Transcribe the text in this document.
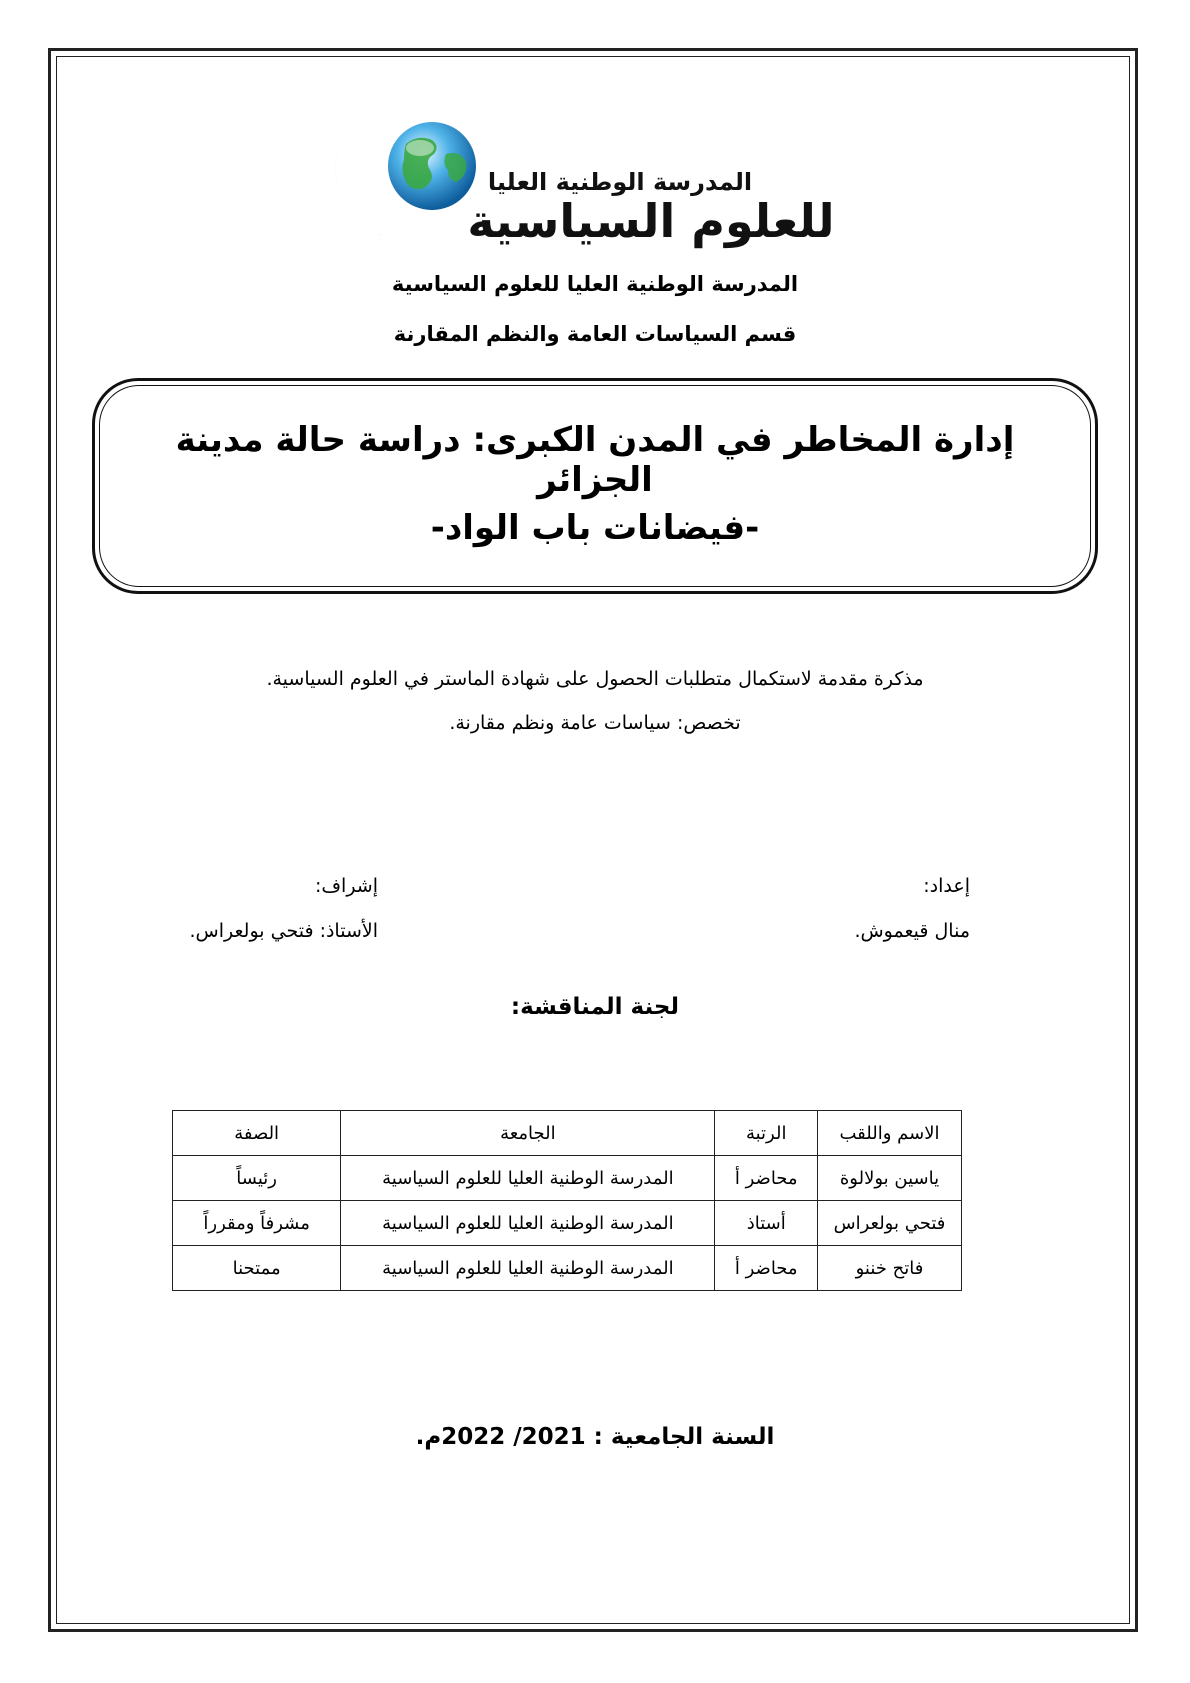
المدرسة الوطنية العليا
للعلوم السياسية
المدرسة الوطنية العليا للعلوم السياسية
قسم السياسات العامة والنظم المقارنة
إدارة المخاطر في المدن الكبرى: دراسة حالة مدينة الجزائر
-فيضانات باب الواد-
مذكرة مقدمة لاستكمال متطلبات الحصول على شهادة الماستر في العلوم السياسية.
تخصص: سياسات عامة ونظم مقارنة.
إعداد:
منال قيعموش.
إشراف:
الأستاذ: فتحي بولعراس.
لجنة المناقشة:
الاسم واللقب	الرتبة	الجامعة	الصفة
ياسين بولالوة	محاضر أ	المدرسة الوطنية العليا للعلوم السياسية	رئيساً
فتحي بولعراس	أستاذ	المدرسة الوطنية العليا للعلوم السياسية	مشرفاً ومقرراً
فاتح خننو	محاضر أ	المدرسة الوطنية العليا للعلوم السياسية	ممتحنا
السنة الجامعية : 2021/ 2022م.
